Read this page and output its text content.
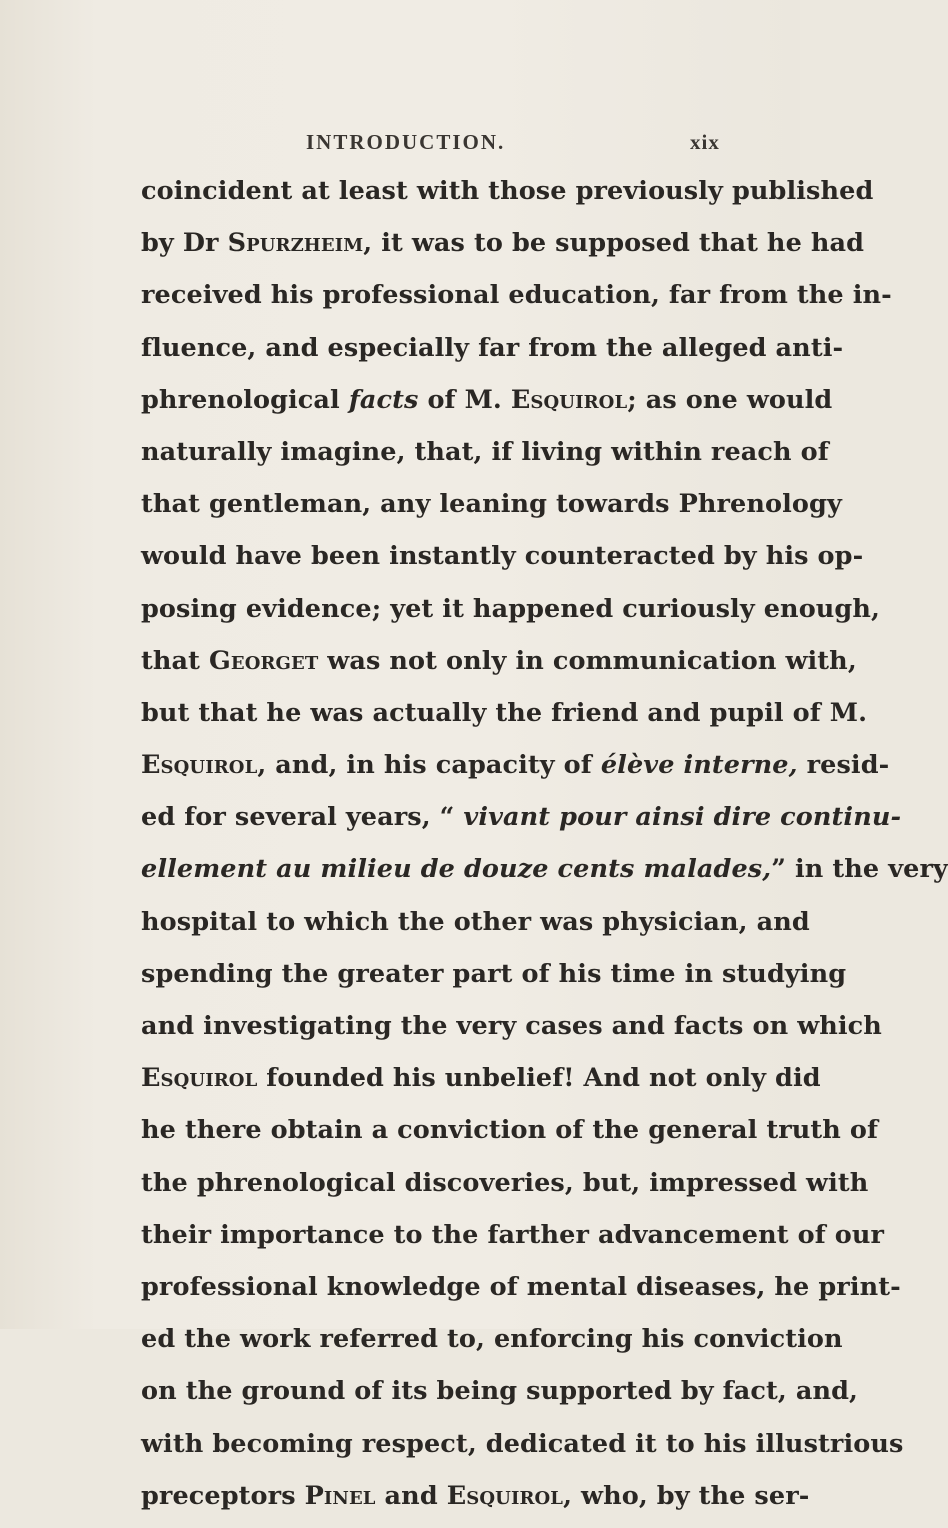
INTRODUCTION.	xix
coincident at least with those previously published
by Dr Spurzheim, it was to be supposed that he had
received his professional education, far from the in-
fluence, and especially far from the alleged anti-
phrenological facts of M. Esquirol; as one would
naturally imagine, that, if living within reach of
that gentleman, any leaning towards Phrenology
would have been instantly counteracted by his op-
posing evidence; yet it happened curiously enough,
that Georget was not only in communication with,
but that he was actually the friend and pupil of M.
Esquirol, and, in his capacity of élève interne, resid-
ed for several years, “ vivant pour ainsi dire continu-
ellement au milieu de douze cents malades,” in the very
hospital to which the other was physician, and
spending the greater part of his time in studying
and investigating the very cases and facts on which
Esquirol founded his unbelief! And not only did
he there obtain a conviction of the general truth of
the phrenological discoveries, but, impressed with
their importance to the farther advancement of our
professional knowledge of mental diseases, he print-
ed the work referred to, enforcing his conviction
on the ground of its being supported by fact, and,
with becoming respect, dedicated it to his illustrious
preceptors Pinel and Esquirol, who, by the ser-
